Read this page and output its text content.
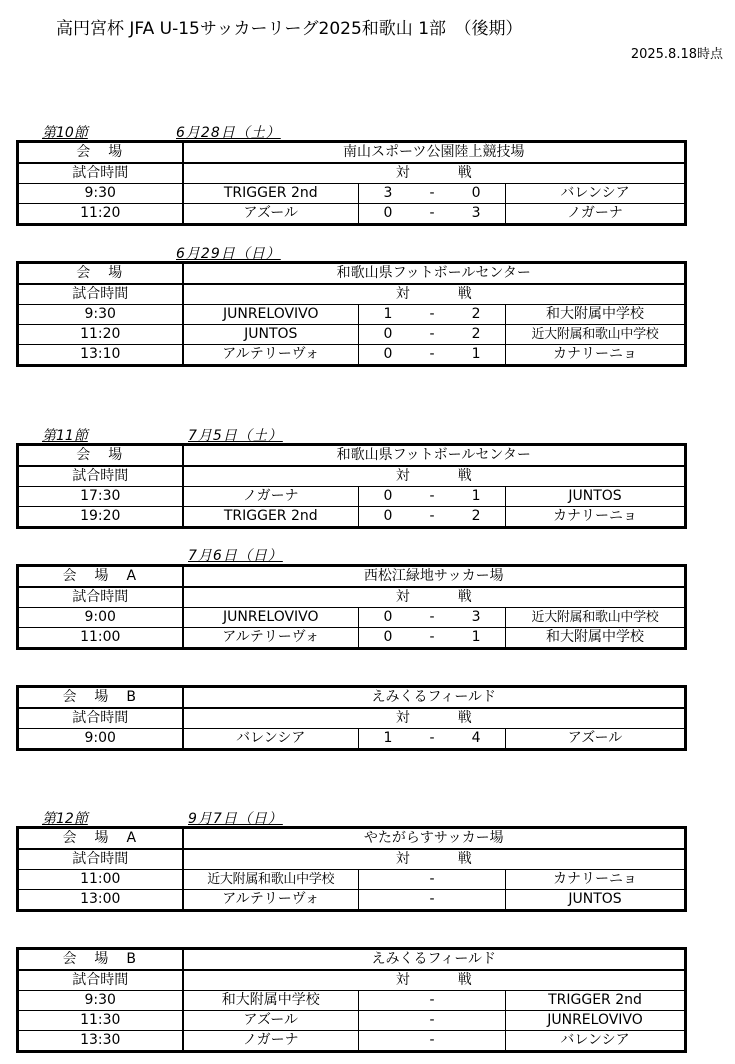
高円宮杯 JFA U-15サッカーリーグ2025和歌山 1部　（後期）
2025.8.18時点
第10節	6月28日（土）
会　場	南山スポーツ公園陸上競技場		
試合時間	対 戦		
9:30	TRIGGER 2nd	3 - 0	バレンシア
11:20	アズール	0 - 3	ノガーナ
6月29日（日）
会　場	和歌山県フットボールセンター		
試合時間	対 戦		
9:30	JUNRELOVIVO	1 - 2	和大附属中学校
11:20	JUNTOS	0 - 2	近大附属和歌山中学校
13:10	アルテリーヴォ	0 - 1	カナリーニョ
第11節	7月5日（土）
会　場	和歌山県フットボールセンター		
試合時間	対 戦		
17:30	ノガーナ	0 - 1	JUNTOS
19:20	TRIGGER 2nd	0 - 2	カナリーニョ
7月6日（日）
会　場　A	西松江緑地サッカー場		
試合時間	対 戦		
9:00	JUNRELOVIVO	0 - 3	近大附属和歌山中学校
11:00	アルテリーヴォ	0 - 1	和大附属中学校
会　場　B	えみくるフィールド		
試合時間	対 戦		
9:00	バレンシア	1 - 4	アズール
第12節	9月7日（日）
会　場　A	やたがらすサッカー場		
試合時間	対 戦		
11:00	近大附属和歌山中学校	-	カナリーニョ
13:00	アルテリーヴォ	-	JUNTOS
会　場　B	えみくるフィールド		
試合時間	対 戦		
9:30	和大附属中学校	-	TRIGGER 2nd
11:30	アズール	-	JUNRELOVIVO
13:30	ノガーナ	-	バレンシア
